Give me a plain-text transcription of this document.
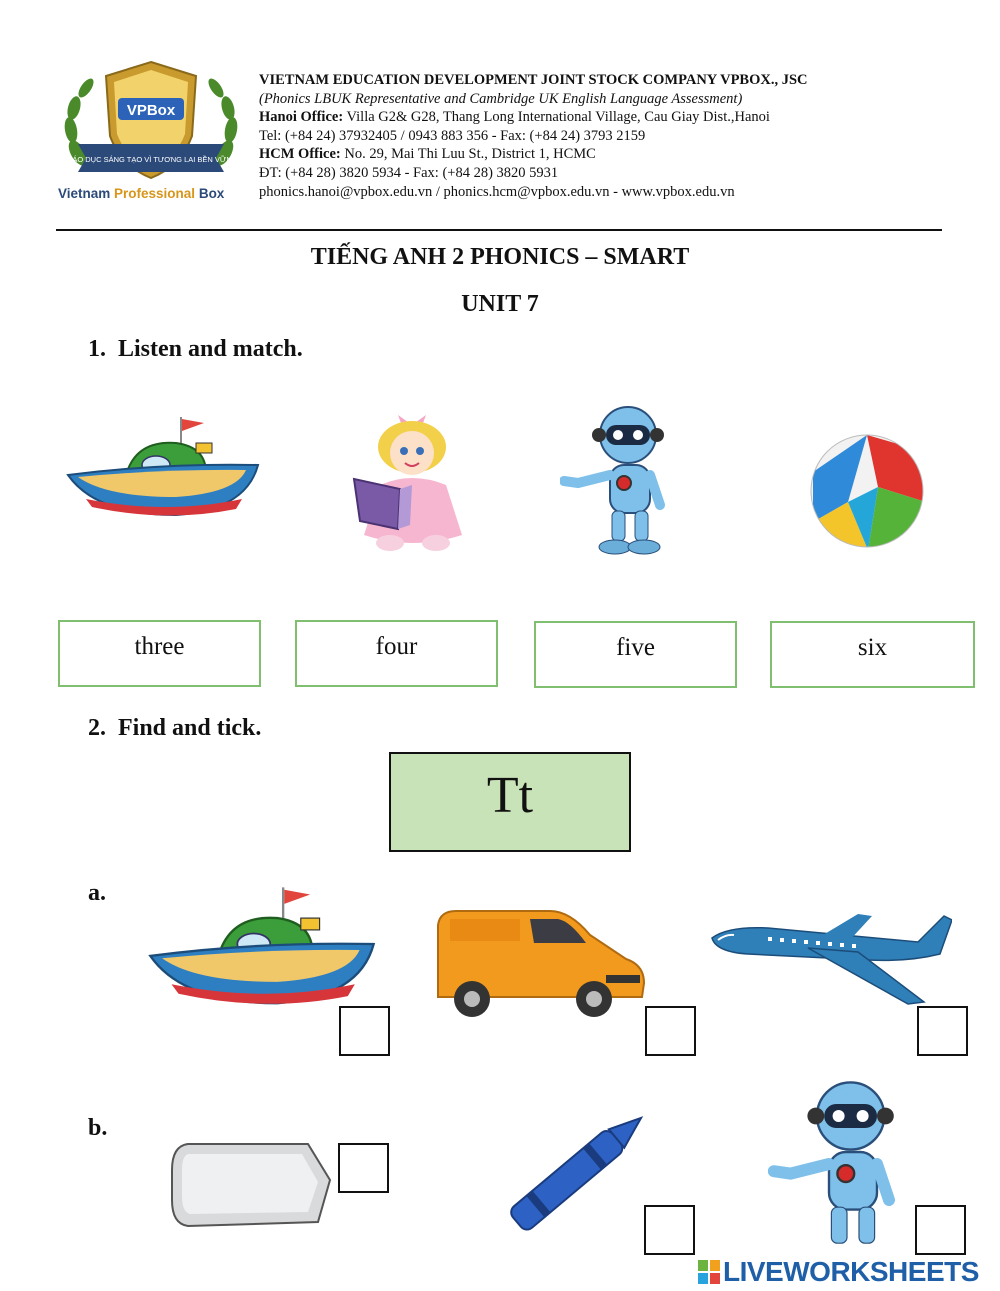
VPBox
GIÁO DỤC SÁNG TẠO VÌ TƯƠNG LAI BỀN VỮNG
Vietnam Professional Box
VIETNAM EDUCATION DEVELOPMENT JOINT STOCK COMPANY VPBOX., JSC
(Phonics LBUK Representative and Cambridge UK English Language Assessment)
Hanoi Office: Villa G2& G28, Thang Long International Village, Cau Giay Dist.,Hanoi
Tel: (+84 24) 37932405 / 0943 883 356 - Fax: (+84 24) 3793 2159
HCM Office: No. 29, Mai Thi Luu St., District 1, HCMC
ĐT: (+84 28) 3820 5934 - Fax: (+84 28) 3820 5931
phonics.hanoi@vpbox.edu.vn / phonics.hcm@vpbox.edu.vn - www.vpbox.edu.vn
TIẾNG ANH 2 PHONICS – SMART
UNIT 7
1. Listen and match.
three	four	five	six
2. Find and tick.
Tt
a.
b.
LIVEWORKSHEETS
